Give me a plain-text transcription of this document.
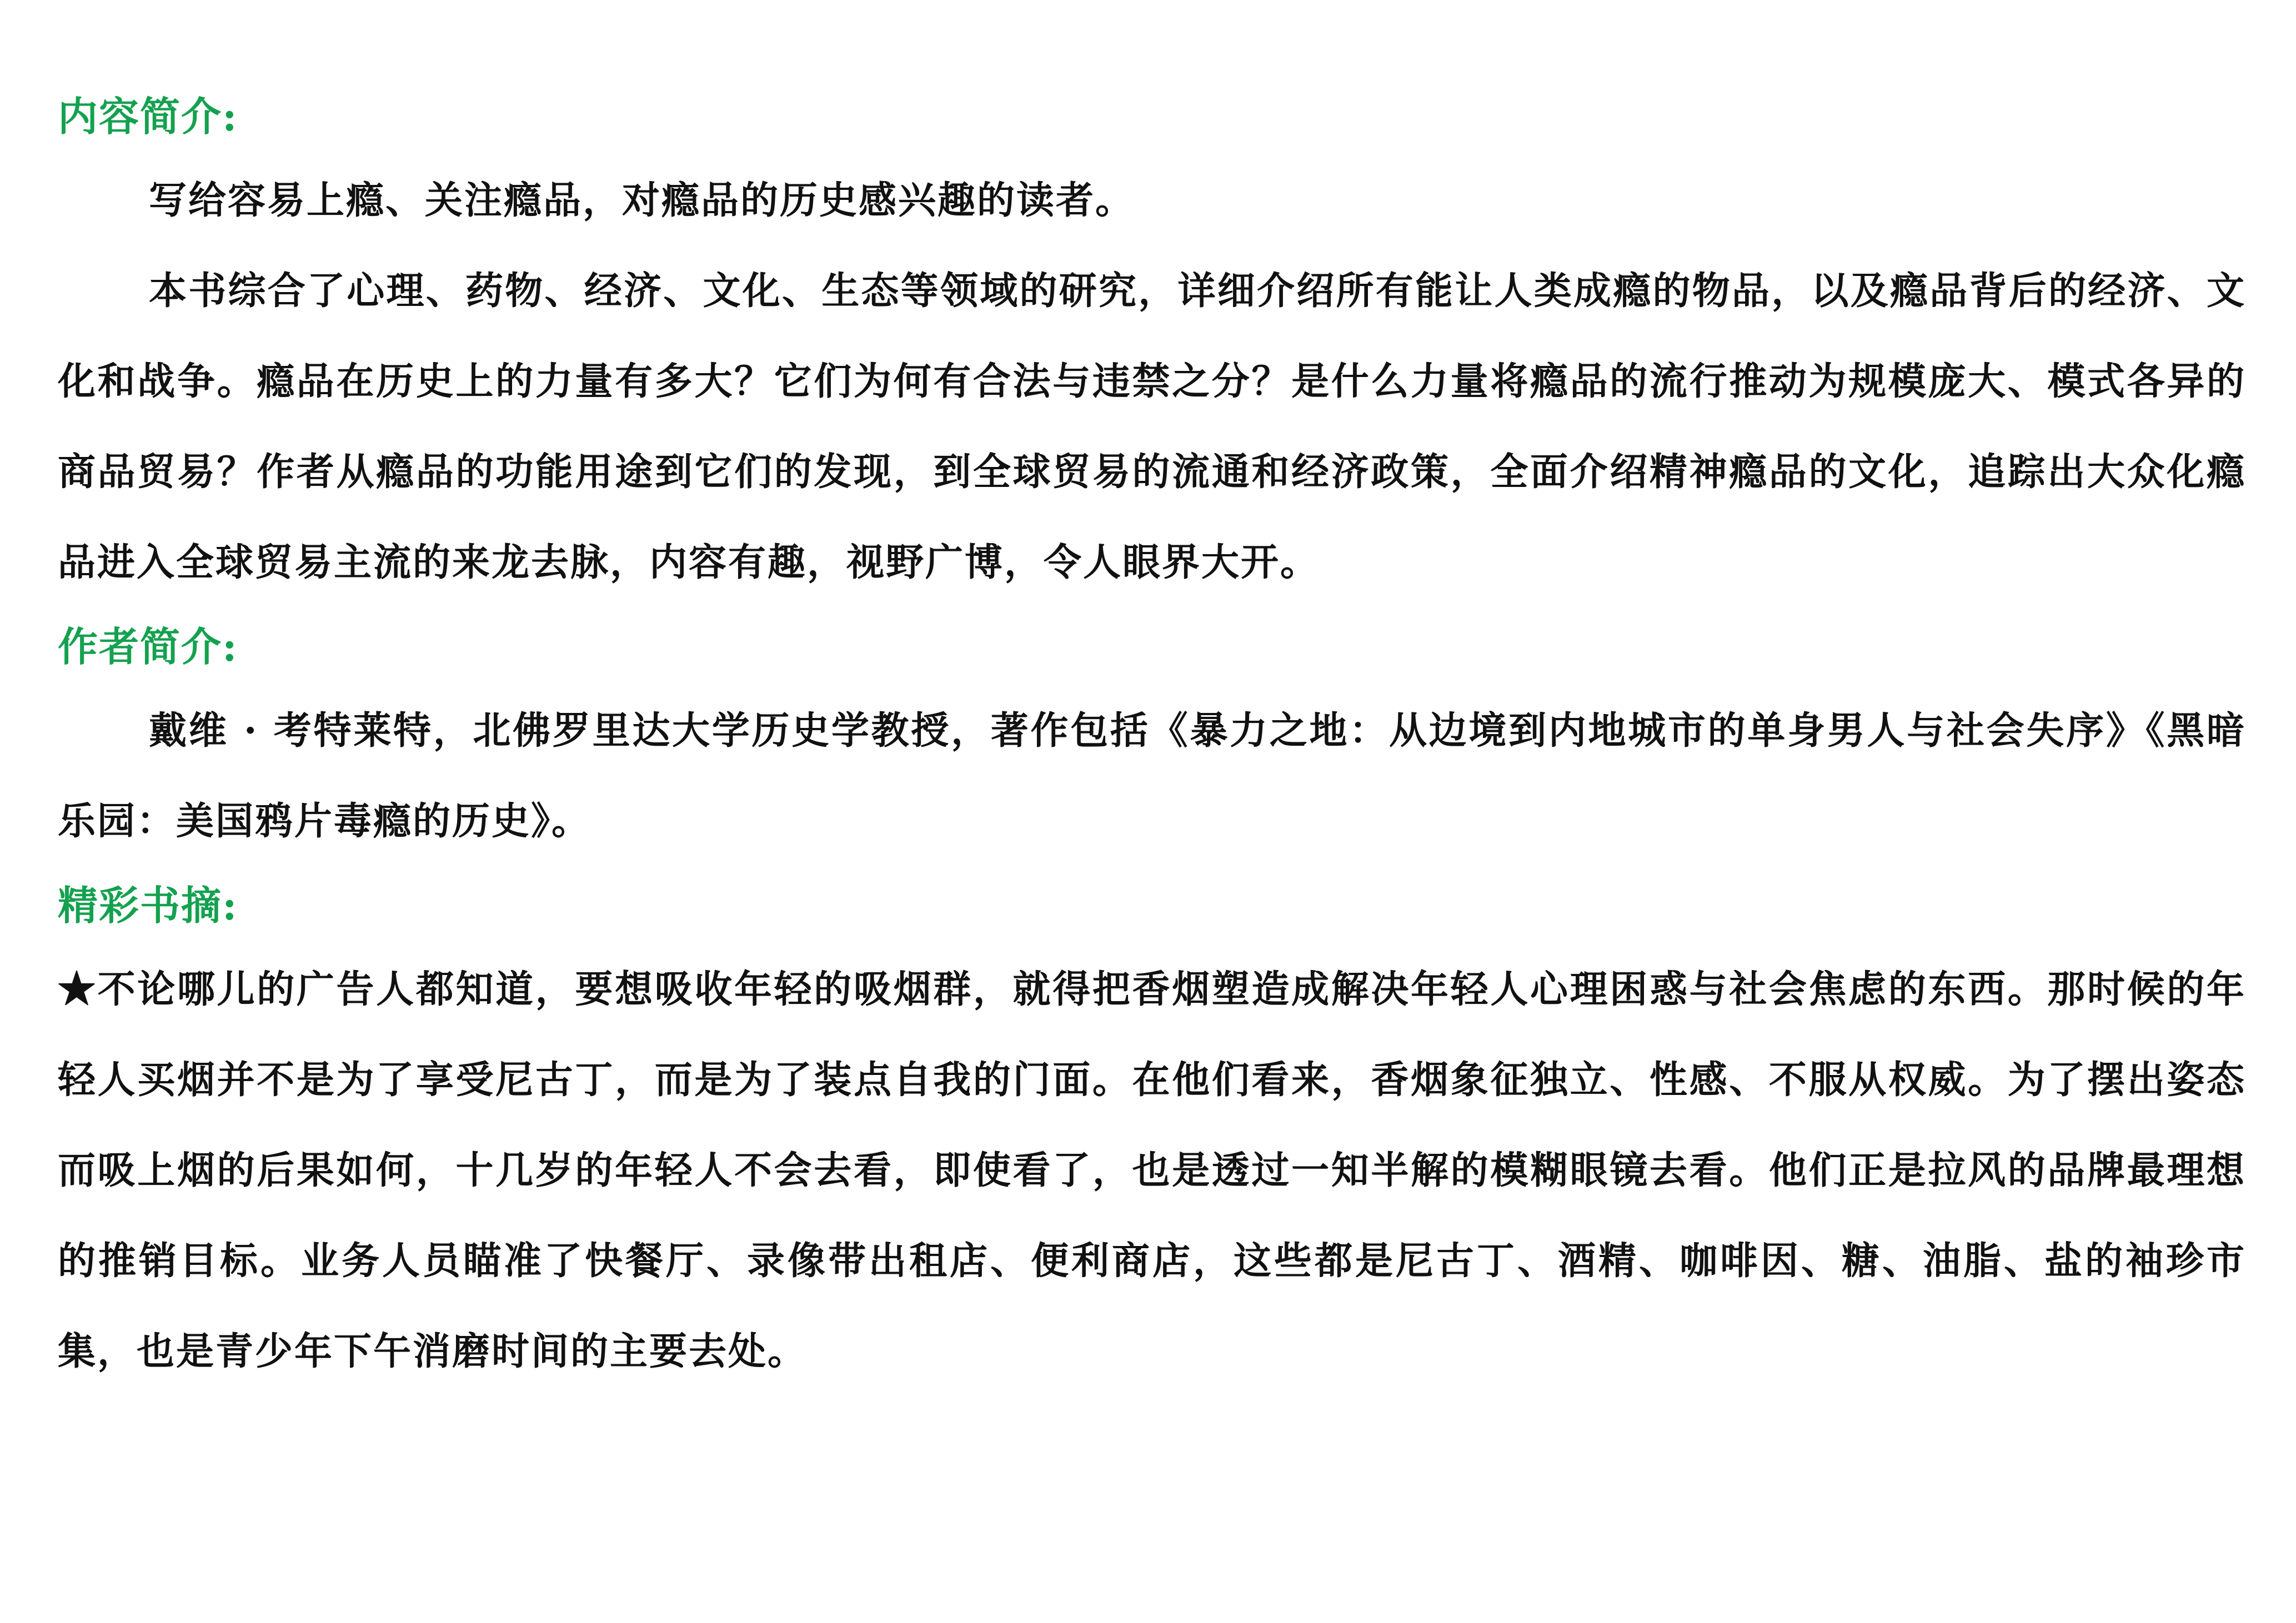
内容简介:

写给容易上瘾、关注瘾品，对瘾品的历史感兴趣的读者。

本书综合了心理、药物、经济、文化、生态等领域的研究，详细介绍所有能让人类成瘾的物品，以及瘾品背后的经济、文化和战争。瘾品在历史上的力量有多大？它们为何有合法与违禁之分？是什么力量将瘾品的流行推动为规模庞大、模式各异的商品贸易？作者从瘾品的功能用途到它们的发现，到全球贸易的流通和经济政策，全面介绍精神瘾品的文化，追踪出大众化瘾品进入全球贸易主流的来龙去脉，内容有趣，视野广博，令人眼界大开。

作者简介:

戴维 · 考特莱特，北佛罗里达大学历史学教授，著作包括《暴力之地：从边境到内地城市的单身男人与社会失序》《黑暗乐园：美国鸦片毒瘾的历史》。

精彩书摘:

★不论哪儿的广告人都知道，要想吸收年轻的吸烟群，就得把香烟塑造成解决年轻人心理困惑与社会焦虑的东西。那时候的年轻人买烟并不是为了享受尼古丁，而是为了装点自我的门面。在他们看来，香烟象征独立、性感、不服从权威。为了摆出姿态而吸上烟的后果如何，十几岁的年轻人不会去看，即使看了，也是透过一知半解的模糊眼镜去看。他们正是拉风的品牌最理想的推销目标。业务人员瞄准了快餐厅、录像带出租店、便利商店，这些都是尼古丁、酒精、咖啡因、糖、油脂、盐的袖珍市集，也是青少年下午消磨时间的主要去处。
